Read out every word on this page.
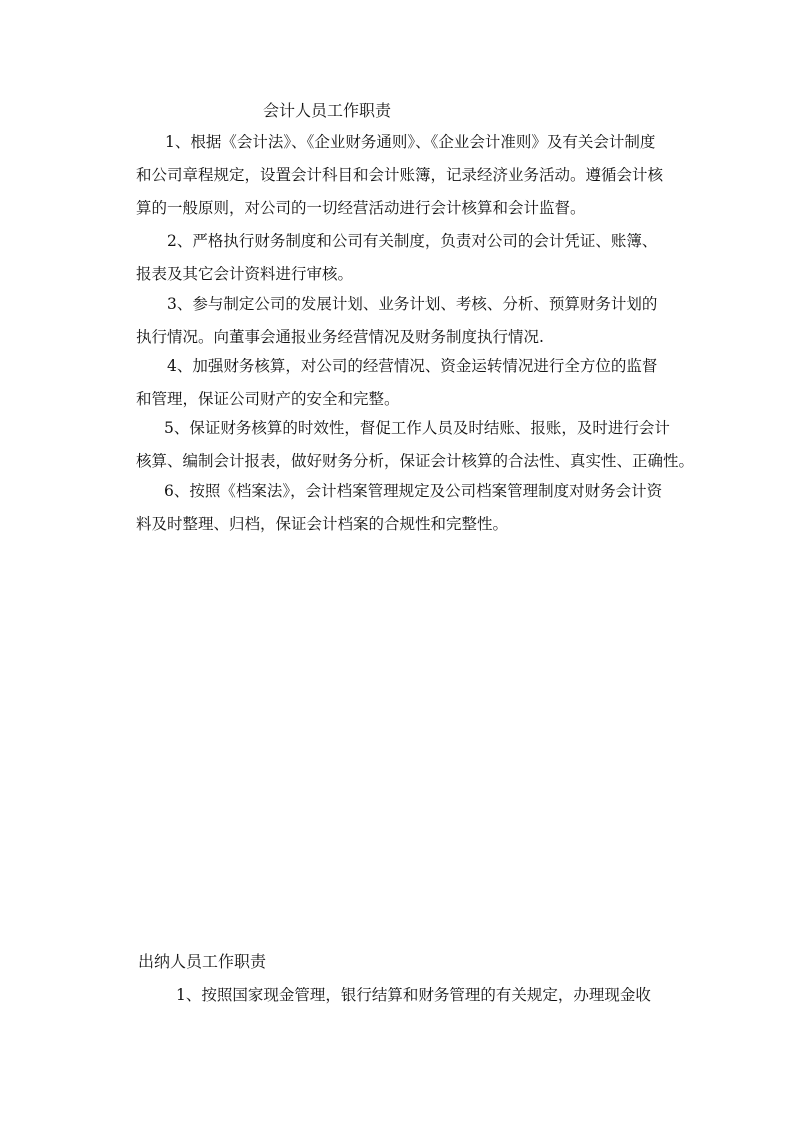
会计人员工作职责
1、根据《会计法》、《企业财务通则》、《企业会计准则》及有关会计制度
和公司章程规定，设置会计科目和会计账簿，记录经济业务活动。遵循会计核
算的一般原则，对公司的一切经营活动进行会计核算和会计监督。
2、严格执行财务制度和公司有关制度，负责对公司的会计凭证、账簿、
报表及其它会计资料进行审核。
3、参与制定公司的发展计划、业务计划、考核、分析、预算财务计划的
执行情况。向董事会通报业务经营情况及财务制度执行情况.
4、加强财务核算，对公司的经营情况、资金运转情况进行全方位的监督
和管理，保证公司财产的安全和完整。
5、保证财务核算的时效性，督促工作人员及时结账、报账，及时进行会计
核算、编制会计报表，做好财务分析，保证会计核算的合法性、真实性、正确性。
6、按照《档案法》，会计档案管理规定及公司档案管理制度对财务会计资
料及时整理、归档，保证会计档案的合规性和完整性。
出纳人员工作职责
1、按照国家现金管理，银行结算和财务管理的有关规定，办理现金收
